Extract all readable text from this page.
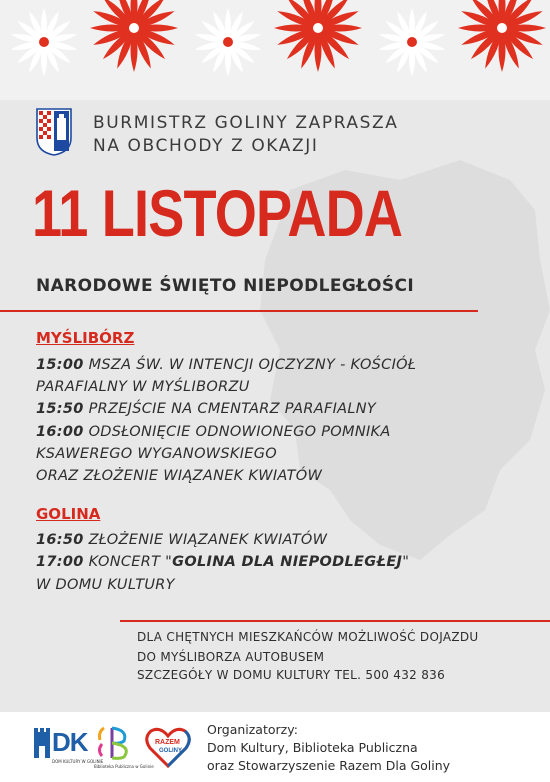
BURMISTRZ GOLINY ZAPRASZA
NA OBCHODY Z OKAZJI
11 LISTOPADA
NARODOWE ŚWIĘTO NIEPODLEGŁOŚCI
MYŚLIBÓRZ
15:00 MSZA ŚW. W INTENCJI OJCZYZNY - KOŚCIÓŁ
PARAFIALNY W MYŚLIBORZU
15:50 PRZEJŚCIE NA CMENTARZ PARAFIALNY
16:00 ODSŁONIĘCIE ODNOWIONEGO POMNIKA
KSAWEREGO WYGANOWSKIEGO
ORAZ ZŁOŻENIE WIĄZANEK KWIATÓW
GOLINA
16:50 ZŁOŻENIE WIĄZANEK KWIATÓW
17:00 KONCERT "GOLINA DLA NIEPODLEGŁEJ"
W DOMU KULTURY
DLA CHĘTNYCH MIESZKAŃCÓW MOŻLIWOŚĆ DOJAZDU
DO MYŚLIBORZA AUTOBUSEM
SZCZEGÓŁY W DOMU KULTURY TEL. 500 432 836
DK
DOM KULTURY W GOLINIE
Biblioteka Publiczna w Golinie
RAZEM
GOLINY
Organizatorzy:
Dom Kultury, Biblioteka Publiczna
oraz Stowarzyszenie Razem Dla Goliny
